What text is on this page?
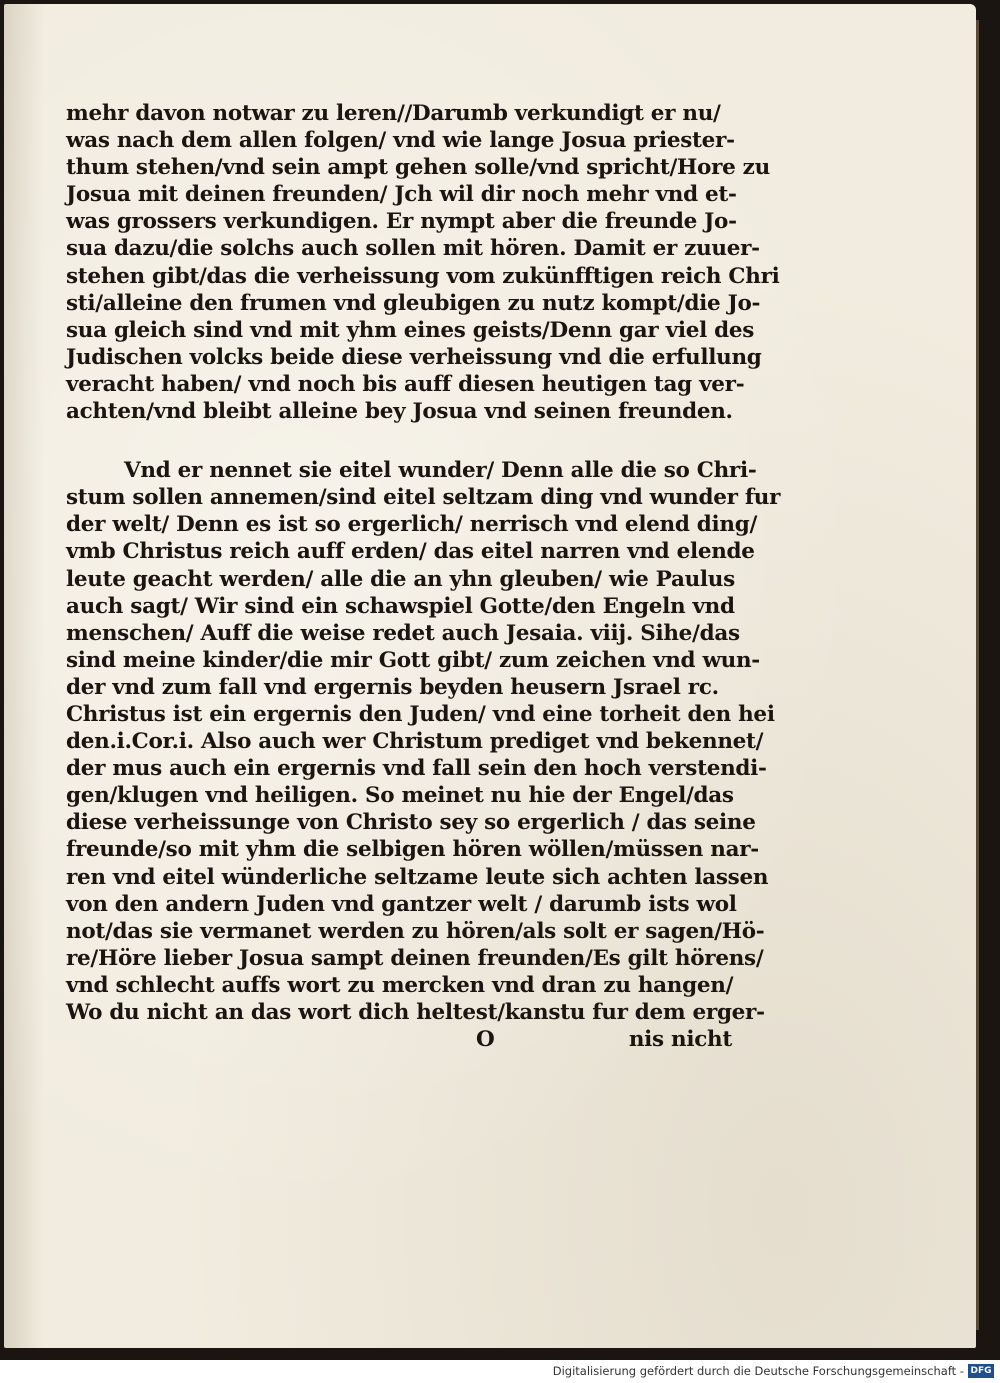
mehr davon notwar zu leren//Darumb verkundigt er nu/
was nach dem allen folgen/ vnd wie lange Josua priester-
thum stehen/vnd sein ampt gehen solle/vnd spricht/Hore zu
Josua mit deinen freunden/ Jch wil dir noch mehr vnd et-
was grossers verkundigen. Er nympt aber die freunde Jo-
sua dazu/die solchs auch sollen mit hören. Damit er zuuer-
stehen gibt/das die verheissung vom zukünfftigen reich Chri
sti/alleine den frumen vnd gleubigen zu nutz kompt/die Jo-
sua gleich sind vnd mit yhm eines geists/Denn gar viel des
Judischen volcks beide diese verheissung vnd die erfullung
veracht haben/ vnd noch bis auff diesen heutigen tag ver-
achten/vnd bleibt alleine bey Josua vnd seinen freunden.
Vnd er nennet sie eitel wunder/ Denn alle die so Chri-
stum sollen annemen/sind eitel seltzam ding vnd wunder fur
der welt/ Denn es ist so ergerlich/ nerrisch vnd elend ding/
vmb Christus reich auff erden/ das eitel narren vnd elende
leute geacht werden/ alle die an yhn gleuben/ wie Paulus
auch sagt/ Wir sind ein schawspiel Gotte/den Engeln vnd
menschen/ Auff die weise redet auch Jesaia. viij. Sihe/das
sind meine kinder/die mir Gott gibt/ zum zeichen vnd wun-
der vnd zum fall vnd ergernis beyden heusern Jsrael rc.
Christus ist ein ergernis den Juden/ vnd eine torheit den hei
den.i.Cor.i. Also auch wer Christum prediget vnd bekennet/
der mus auch ein ergernis vnd fall sein den hoch verstendi-
gen/klugen vnd heiligen. So meinet nu hie der Engel/das
diese verheissunge von Christo sey so ergerlich / das seine
freunde/so mit yhm die selbigen hören wöllen/müssen nar-
ren vnd eitel wünderliche seltzame leute sich achten lassen
von den andern Juden vnd gantzer welt / darumb ists wol
not/das sie vermanet werden zu hören/als solt er sagen/Hö-
re/Höre lieber Josua sampt deinen freunden/Es gilt hörens/
vnd schlecht auffs wort zu mercken vnd dran zu hangen/
Wo du nicht an das wort dich heltest/kanstu fur dem erger-
O	nis nicht
Digitalisierung gefördert durch die Deutsche Forschungsgemeinschaft - DFG
